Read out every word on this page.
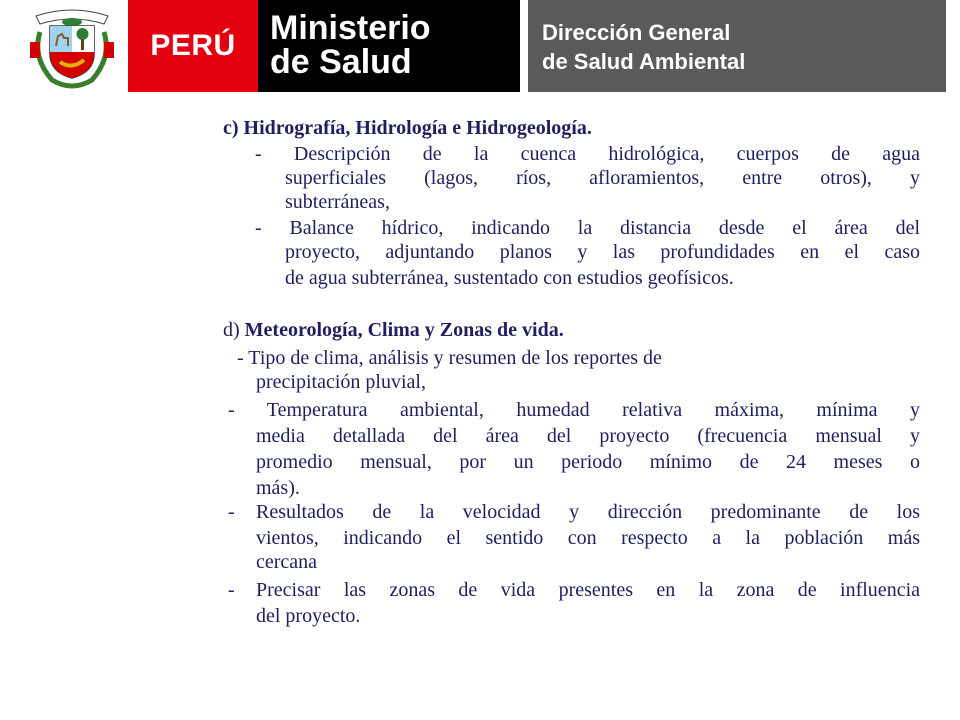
PERÚ Ministerio
de Salud
Dirección General
de Salud Ambiental
c) Hidrografía, Hidrología e Hidrogeología.
- Descripción de la cuenca hidrológica, cuerpos de agua
superficiales (lagos, ríos, afloramientos, entre otros), y
subterráneas,
- Balance hídrico, indicando la distancia desde el área del
proyecto, adjuntando planos y las profundidades en el caso
de agua subterránea, sustentado con estudios geofísicos.
d) Meteorología, Clima y Zonas de vida.
- Tipo de clima, análisis y resumen de los reportes de
precipitación pluvial,
- Temperatura ambiental, humedad relativa máxima, mínima y
media detallada del área del proyecto (frecuencia mensual y
promedio mensual, por un periodo mínimo de 24 meses o
más).
- Resultados de la velocidad y dirección predominante de los
vientos, indicando el sentido con respecto a la población más
cercana
- Precisar las zonas de vida presentes en la zona de influencia
del proyecto.
